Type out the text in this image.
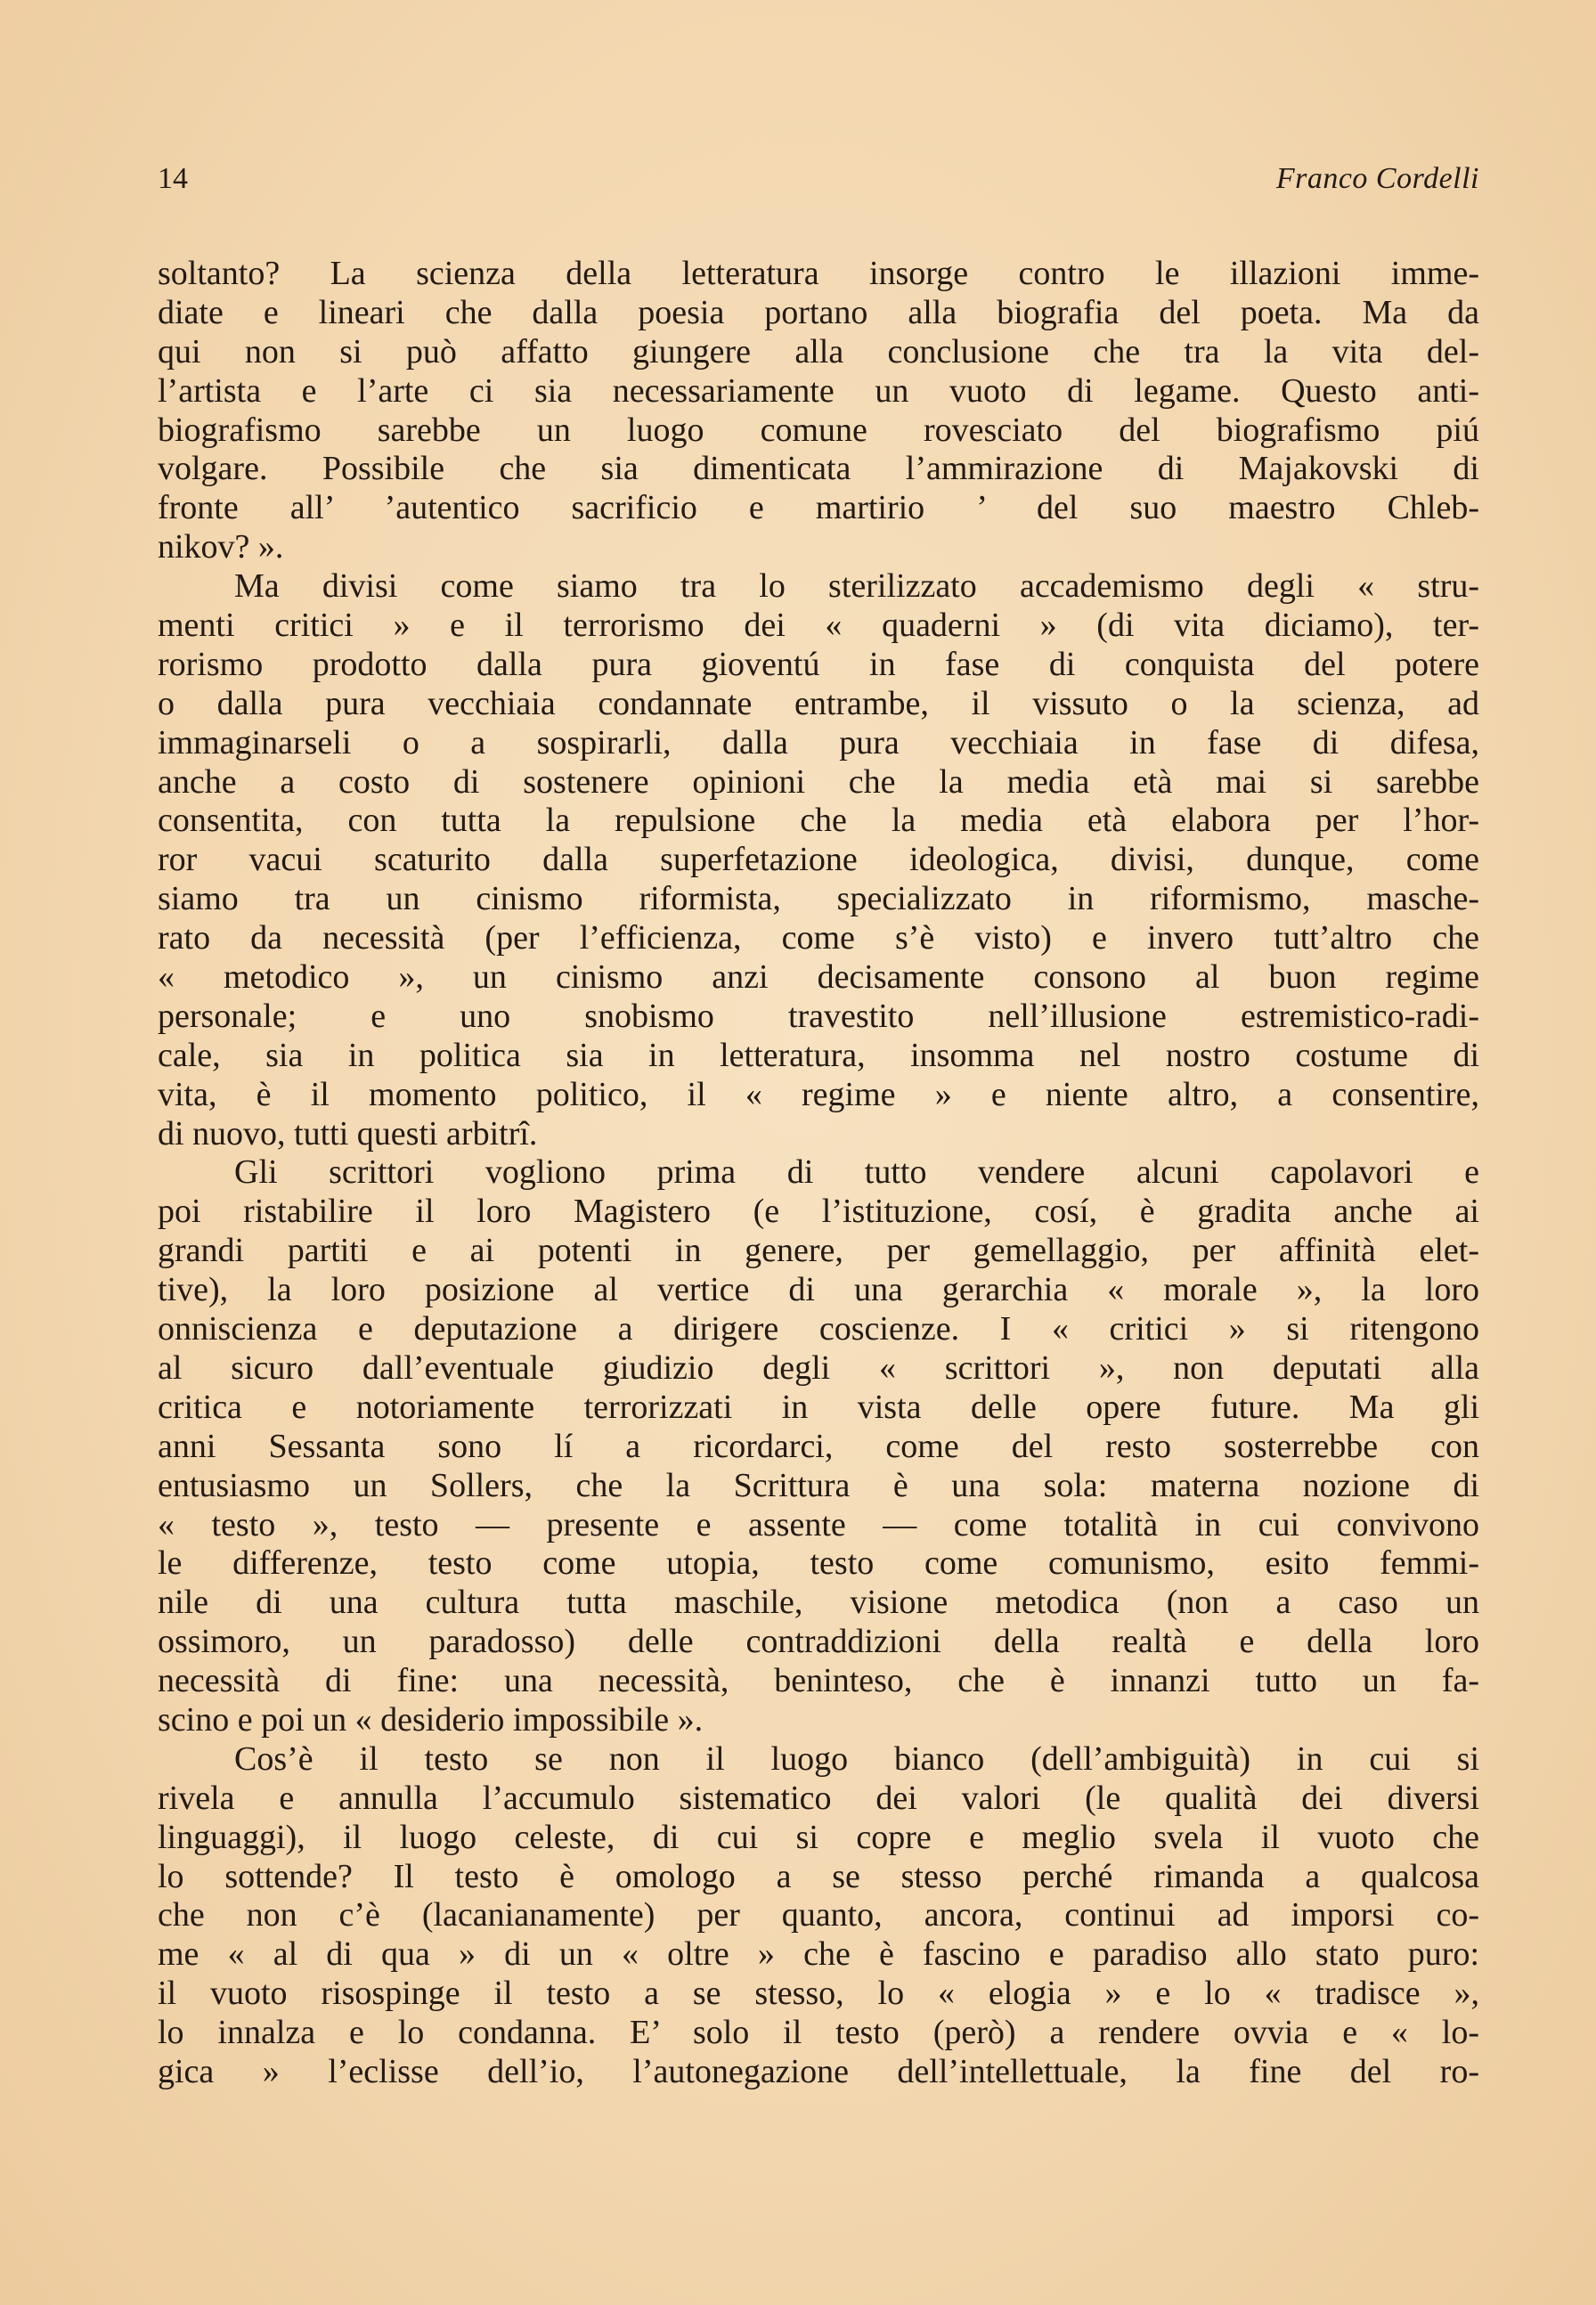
14	Franco Cordelli
soltanto? La scienza della letteratura insorge contro le illazioni imme-
diate e lineari che dalla poesia portano alla biografia del poeta. Ma da
qui non si può affatto giungere alla conclusione che tra la vita del-
l’artista e l’arte ci sia necessariamente un vuoto di legame. Questo anti-
biografismo sarebbe un luogo comune rovesciato del biografismo piú
volgare. Possibile che sia dimenticata l’ammirazione di Majakovski di
fronte all’ ’autentico sacrificio e martirio ’ del suo maestro Chleb-
nikov? ».
Ma divisi come siamo tra lo sterilizzato accademismo degli « stru-
menti critici » e il terrorismo dei « quaderni » (di vita diciamo), ter-
rorismo prodotto dalla pura gioventú in fase di conquista del potere
o dalla pura vecchiaia condannate entrambe, il vissuto o la scienza, ad
immaginarseli o a sospirarli, dalla pura vecchiaia in fase di difesa,
anche a costo di sostenere opinioni che la media età mai si sarebbe
consentita, con tutta la repulsione che la media età elabora per l’hor-
ror vacui scaturito dalla superfetazione ideologica, divisi, dunque, come
siamo tra un cinismo riformista, specializzato in riformismo, masche-
rato da necessità (per l’efficienza, come s’è visto) e invero tutt’altro che
« metodico », un cinismo anzi decisamente consono al buon regime
personale; e uno snobismo travestito nell’illusione estremistico-radi-
cale, sia in politica sia in letteratura, insomma nel nostro costume di
vita, è il momento politico, il « regime » e niente altro, a consentire,
di nuovo, tutti questi arbitrî.
Gli scrittori vogliono prima di tutto vendere alcuni capolavori e
poi ristabilire il loro Magistero (e l’istituzione, cosí, è gradita anche ai
grandi partiti e ai potenti in genere, per gemellaggio, per affinità elet-
tive), la loro posizione al vertice di una gerarchia « morale », la loro
onniscienza e deputazione a dirigere coscienze. I « critici » si ritengono
al sicuro dall’eventuale giudizio degli « scrittori », non deputati alla
critica e notoriamente terrorizzati in vista delle opere future. Ma gli
anni Sessanta sono lí a ricordarci, come del resto sosterrebbe con
entusiasmo un Sollers, che la Scrittura è una sola: materna nozione di
« testo », testo — presente e assente — come totalità in cui convivono
le differenze, testo come utopia, testo come comunismo, esito femmi-
nile di una cultura tutta maschile, visione metodica (non a caso un
ossimoro, un paradosso) delle contraddizioni della realtà e della loro
necessità di fine: una necessità, beninteso, che è innanzi tutto un fa-
scino e poi un « desiderio impossibile ».
Cos’è il testo se non il luogo bianco (dell’ambiguità) in cui si
rivela e annulla l’accumulo sistematico dei valori (le qualità dei diversi
linguaggi), il luogo celeste, di cui si copre e meglio svela il vuoto che
lo sottende? Il testo è omologo a se stesso perché rimanda a qualcosa
che non c’è (lacanianamente) per quanto, ancora, continui ad imporsi co-
me « al di qua » di un « oltre » che è fascino e paradiso allo stato puro:
il vuoto risospinge il testo a se stesso, lo « elogia » e lo « tradisce »,
lo innalza e lo condanna. E’ solo il testo (però) a rendere ovvia e « lo-
gica » l’eclisse dell’io, l’autonegazione dell’intellettuale, la fine del ro-
